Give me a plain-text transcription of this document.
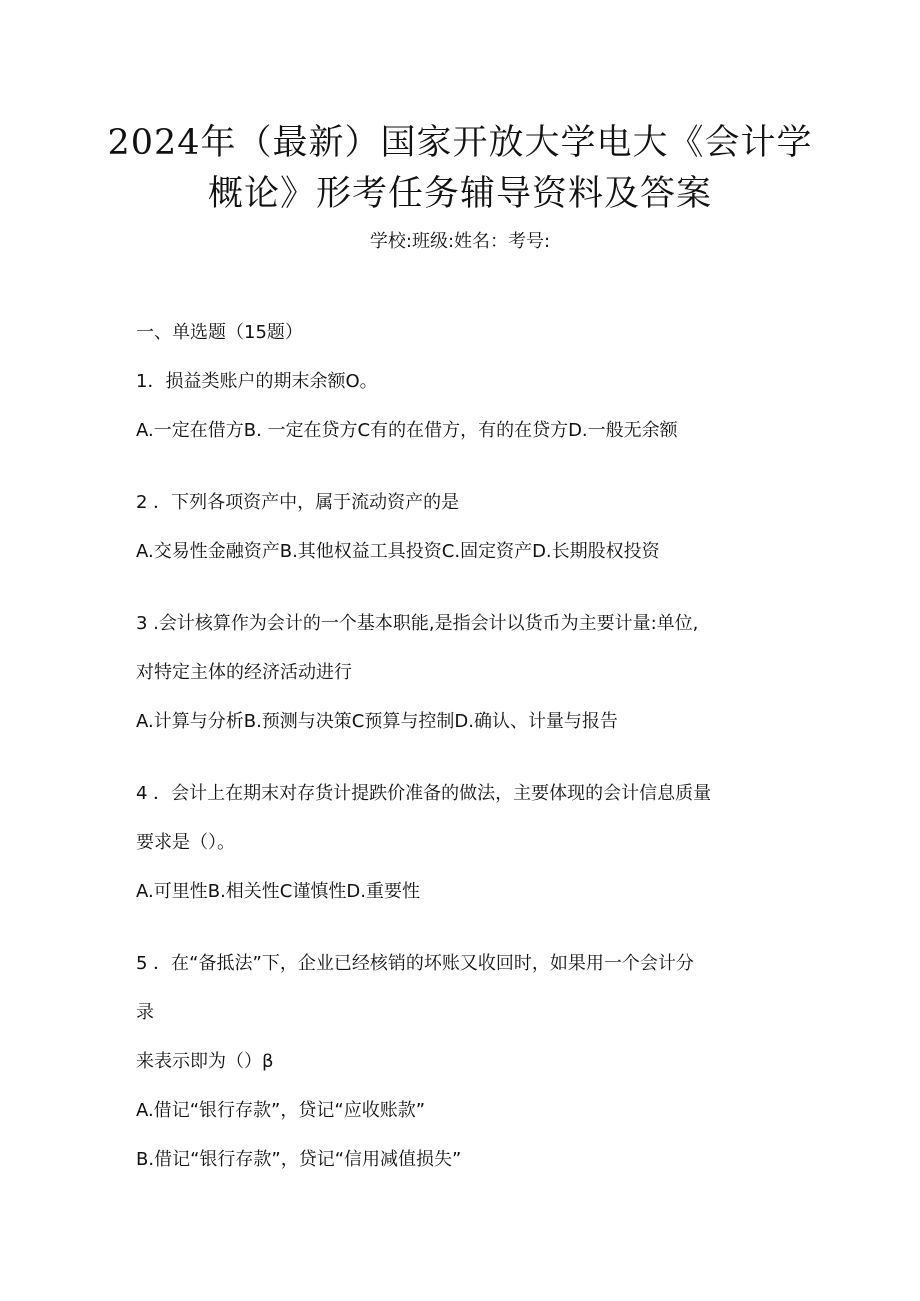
2024年（最新）国家开放大学电大《会计学
概论》形考任务辅导资料及答案
学校:班级:姓名：考号:
一、单选题（15题）
1．损益类账户的期末余额O。
A.一定在借方B. 一定在贷方C有的在借方，有的在贷方D.一般无余额
2 ．下列各项资产中，属于流动资产的是
A.交易性金融资产B.其他权益工具投资C.固定资产D.长期股权投资
3 .会计核算作为会计的一个基本职能,是指会计以货币为主要计量:单位,
对特定主体的经济活动进行
A.计算与分析B.预测与决策C预算与控制D.确认、计量与报告
4 ．会计上在期末对存货计提跌价准备的做法，主要体现的会计信息质量
要求是（）。
A.可里性B.相关性C谨慎性D.重要性
5 ．在“备抵法”下，企业已经核销的坏账又收回时，如果用一个会计分
录
来表示即为（）β
A.借记“银行存款”，贷记“应收账款”
B.借记“银行存款”，贷记“信用减值损失”
